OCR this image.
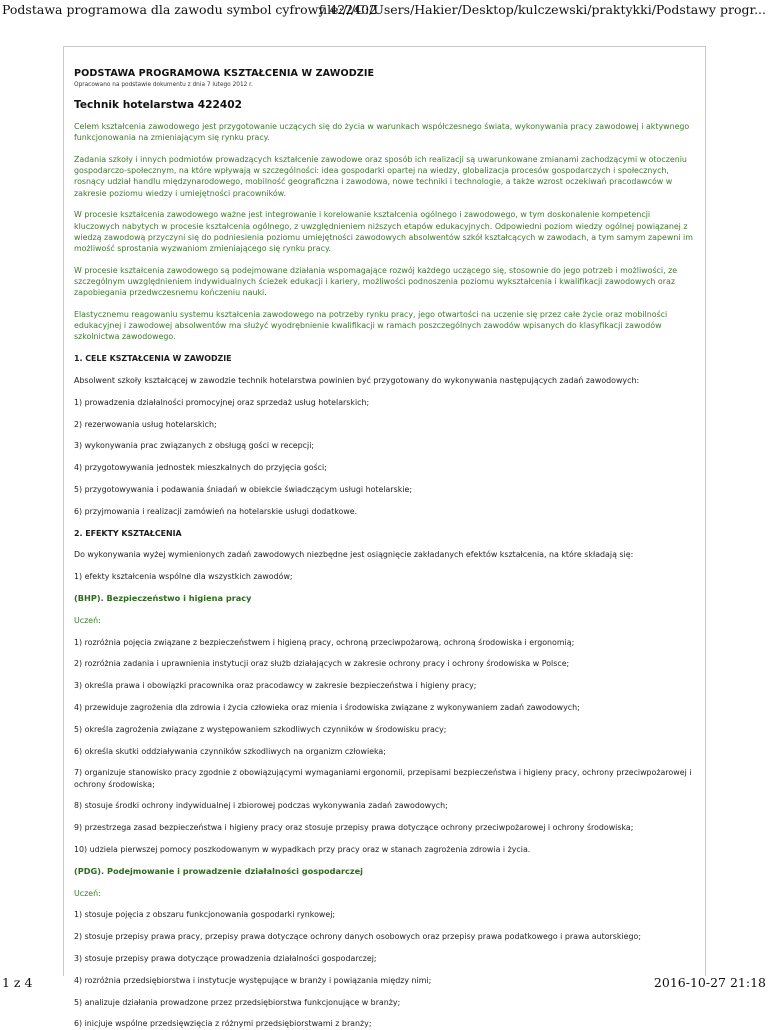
Podstawa programowa dla zawodu symbol cyfrowy 422402
file:///C:/Users/Hakier/Desktop/kulczewski/praktykki/Podstawy progr...
PODSTAWA PROGRAMOWA KSZTAŁCENIA W ZAWODZIE
Opracowano na podstawie dokumentu z dnia 7 lutego 2012 r.
Technik hotelarstwa 422402

Celem kształcenia zawodowego jest przygotowanie uczących się do życia w warunkach współczesnego świata, wykonywania pracy zawodowej i aktywnego funkcjonowania na zmieniającym się rynku pracy.

Zadania szkoły i innych podmiotów prowadzących kształcenie zawodowe oraz sposób ich realizacji są uwarunkowane zmianami zachodzącymi w otoczeniu gospodarczo-społecznym, na które wpływają w szczególności: idea gospodarki opartej na wiedzy, globalizacja procesów gospodarczych i społecznych, rosnący udział handlu międzynarodowego, mobilność geograficzna i zawodowa, nowe techniki i technologie, a także wzrost oczekiwań pracodawców w zakresie poziomu wiedzy i umiejętności pracowników.

W procesie kształcenia zawodowego ważne jest integrowanie i korelowanie kształcenia ogólnego i zawodowego, w tym doskonalenie kompetencji kluczowych nabytych w procesie kształcenia ogólnego, z uwzględnieniem niższych etapów edukacyjnych. Odpowiedni poziom wiedzy ogólnej powiązanej z wiedzą zawodową przyczyni się do podniesienia poziomu umiejętności zawodowych absolwentów szkół kształcących w zawodach, a tym samym zapewni im możliwość sprostania wyzwaniom zmieniającego się rynku pracy.

W procesie kształcenia zawodowego są podejmowane działania wspomagające rozwój każdego uczącego się, stosownie do jego potrzeb i możliwości, ze szczególnym uwzględnieniem indywidualnych ścieżek edukacji i kariery, możliwości podnoszenia poziomu wykształcenia i kwalifikacji zawodowych oraz zapobiegania przedwczesnemu kończeniu nauki.

Elastycznemu reagowaniu systemu kształcenia zawodowego na potrzeby rynku pracy, jego otwartości na uczenie się przez całe życie oraz mobilności edukacyjnej i zawodowej absolwentów ma służyć wyodrębnienie kwalifikacji w ramach poszczególnych zawodów wpisanych do klasyfikacji zawodów szkolnictwa zawodowego.

1. CELE KSZTAŁCENIA W ZAWODZIE

Absolwent szkoły kształcącej w zawodzie technik hotelarstwa powinien być przygotowany do wykonywania następujących zadań zawodowych:

1) prowadzenia działalności promocyjnej oraz sprzedaż usług hotelarskich;
2) rezerwowania usług hotelarskich;
3) wykonywania prac związanych z obsługą gości w recepcji;
4) przygotowywania jednostek mieszkalnych do przyjęcia gości;
5) przygotowywania i podawania śniadań w obiekcie świadczącym usługi hotelarskie;
6) przyjmowania i realizacji zamówień na hotelarskie usługi dodatkowe.
2. EFEKTY KSZTAŁCENIA

Do wykonywania wyżej wymienionych zadań zawodowych niezbędne jest osiągnięcie zakładanych efektów kształcenia, na które składają się:

1) efekty kształcenia wspólne dla wszystkich zawodów;

(BHP). Bezpieczeństwo i higiena pracy

Uczeń:

1) rozróżnia pojęcia związane z bezpieczeństwem i higieną pracy, ochroną przeciwpożarową, ochroną środowiska i ergonomią;
2) rozróżnia zadania i uprawnienia instytucji oraz służb działających w zakresie ochrony pracy i ochrony środowiska w Polsce;
3) określa prawa i obowiązki pracownika oraz pracodawcy w zakresie bezpieczeństwa i higieny pracy;
4) przewiduje zagrożenia dla zdrowia i życia człowieka oraz mienia i środowiska związane z wykonywaniem zadań zawodowych;
5) określa zagrożenia związane z występowaniem szkodliwych czynników w środowisku pracy;
6) określa skutki oddziaływania czynników szkodliwych na organizm człowieka;
7) organizuje stanowisko pracy zgodnie z obowiązującymi wymaganiami ergonomii, przepisami bezpieczeństwa i higieny pracy, ochrony przeciwpożarowej i ochrony środowiska;
8) stosuje środki ochrony indywidualnej i zbiorowej podczas wykonywania zadań zawodowych;
9) przestrzega zasad bezpieczeństwa i higieny pracy oraz stosuje przepisy prawa dotyczące ochrony przeciwpożarowej i ochrony środowiska;
10) udziela pierwszej pomocy poszkodowanym w wypadkach przy pracy oraz w stanach zagrożenia zdrowia i życia.
(PDG). Podejmowanie i prowadzenie działalności gospodarczej

Uczeń:

1) stosuje pojęcia z obszaru funkcjonowania gospodarki rynkowej;
2) stosuje przepisy prawa pracy, przepisy prawa dotyczące ochrony danych osobowych oraz przepisy prawa podatkowego i prawa autorskiego;
3) stosuje przepisy prawa dotyczące prowadzenia działalności gospodarczej;
4) rozróżnia przedsiębiorstwa i instytucje występujące w branży i powiązania między nimi;
5) analizuje działania prowadzone przez przedsiębiorstwa funkcjonujące w branży;
6) inicjuje wspólne przedsięwzięcia z różnymi przedsiębiorstwami z branży;
1 z 4	2016-10-27 21:18
